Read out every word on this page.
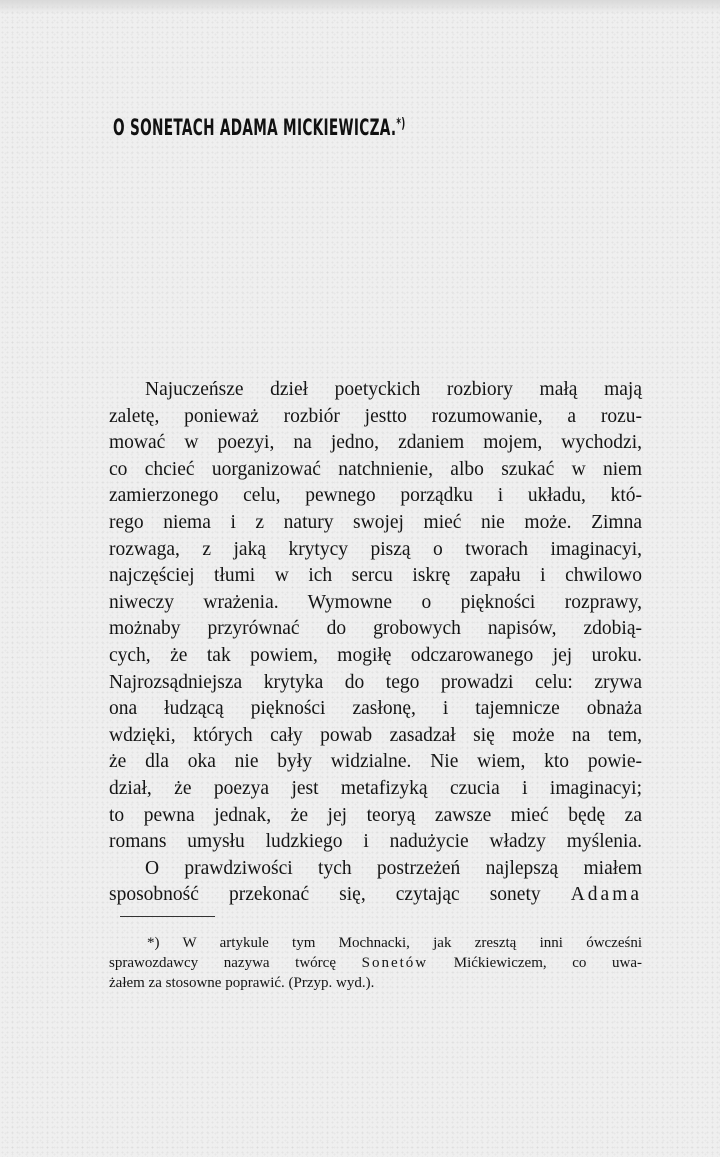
O SONETACH ADAMA MICKIEWICZA.*)
Najuczeńsze dzieł poetyckich rozbiory małą mają
zaletę, ponieważ rozbiór jestto rozumowanie, a rozu-
mować w poezyi, na jedno, zdaniem mojem, wychodzi,
co chcieć uorganizować natchnienie, albo szukać w niem
zamierzonego celu, pewnego porządku i układu, któ-
rego niema i z natury swojej mieć nie może. Zimna
rozwaga, z jaką krytycy piszą o tworach imaginacyi,
najczęściej tłumi w ich sercu iskrę zapału i chwilowo
niweczy wrażenia. Wymowne o piękności rozprawy,
możnaby przyrównać do grobowych napisów, zdobią-
cych, że tak powiem, mogiłę odczarowanego jej uroku.
Najrozsądniejsza krytyka do tego prowadzi celu: zrywa
ona łudzącą piękności zasłonę, i tajemnicze obnaża
wdzięki, których cały powab zasadzał się może na tem,
że dla oka nie były widzialne. Nie wiem, kto powie-
dział, że poezya jest metafizyką czucia i imaginacyi;
to pewna jednak, że jej teoryą zawsze mieć będę za
romans umysłu ludzkiego i nadużycie władzy myślenia.
O prawdziwości tych postrzeżeń najlepszą miałem
sposobność przekonać się, czytając sonety Adama
*) W artykule tym Mochnacki, jak zresztą inni ówcześni
sprawozdawcy nazywa twórcę Sonetów Mićkiewiczem, co uwa-
żałem za stosowne poprawić. (Przyp. wyd.).
